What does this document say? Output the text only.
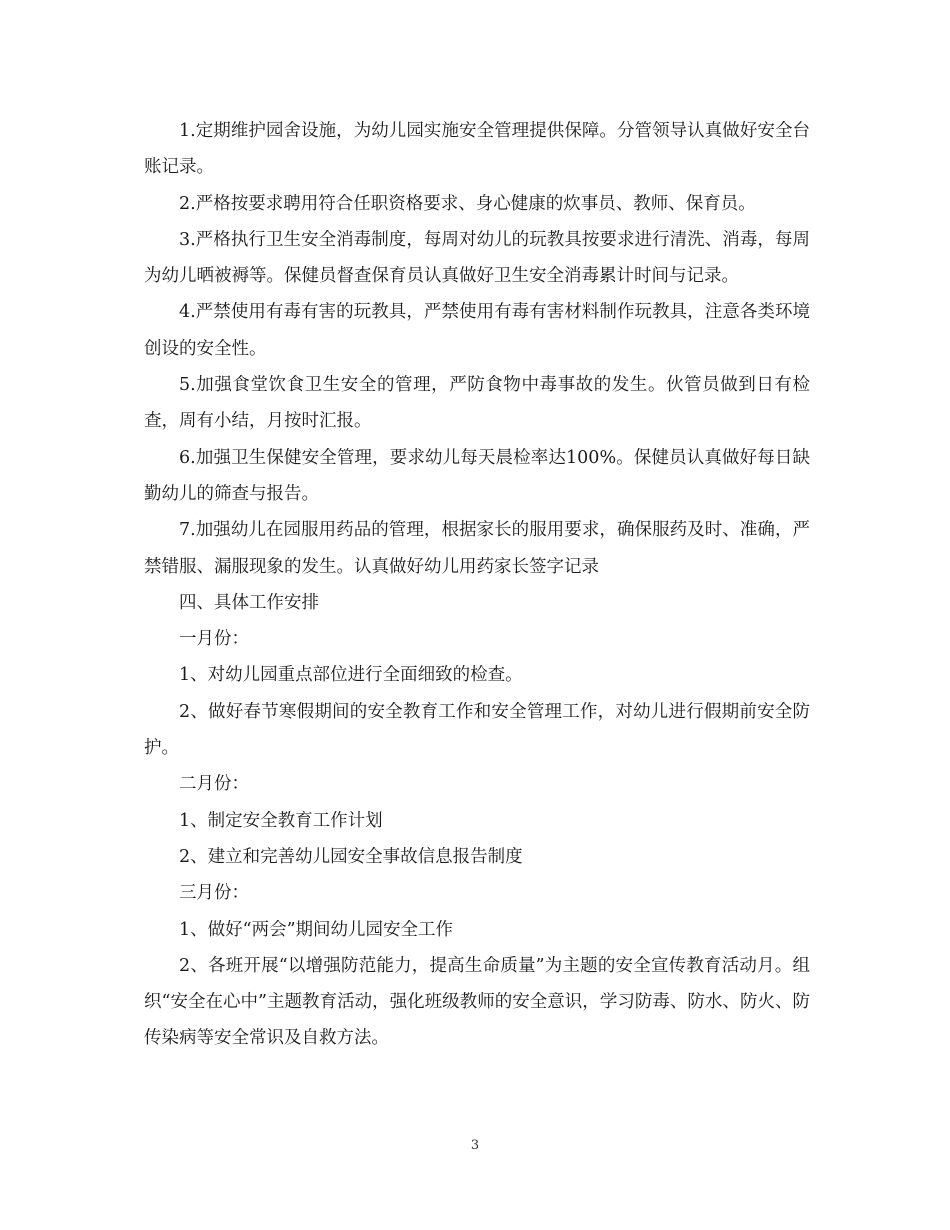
1.定期维护园舍设施，为幼儿园实施安全管理提供保障。分管领导认真做好安全台账记录。

2.严格按要求聘用符合任职资格要求、身心健康的炊事员、教师、保育员。

3.严格执行卫生安全消毒制度，每周对幼儿的玩教具按要求进行清洗、消毒，每周为幼儿晒被褥等。保健员督查保育员认真做好卫生安全消毒累计时间与记录。

4.严禁使用有毒有害的玩教具，严禁使用有毒有害材料制作玩教具，注意各类环境创设的安全性。

5.加强食堂饮食卫生安全的管理，严防食物中毒事故的发生。伙管员做到日有检查，周有小结，月按时汇报。

6.加强卫生保健安全管理，要求幼儿每天晨检率达100%。保健员认真做好每日缺勤幼儿的筛查与报告。

7.加强幼儿在园服用药品的管理，根据家长的服用要求，确保服药及时、准确，严禁错服、漏服现象的发生。认真做好幼儿用药家长签字记录

四、具体工作安排

一月份：

1、对幼儿园重点部位进行全面细致的检查。

2、做好春节寒假期间的安全教育工作和安全管理工作，对幼儿进行假期前安全防护。

二月份：

1、制定安全教育工作计划

2、建立和完善幼儿园安全事故信息报告制度

三月份：

1、做好“两会”期间幼儿园安全工作

2、各班开展“以增强防范能力，提高生命质量”为主题的安全宣传教育活动月。组织“安全在心中”主题教育活动，强化班级教师的安全意识，学习防毒、防水、防火、防传染病等安全常识及自救方法。

3
